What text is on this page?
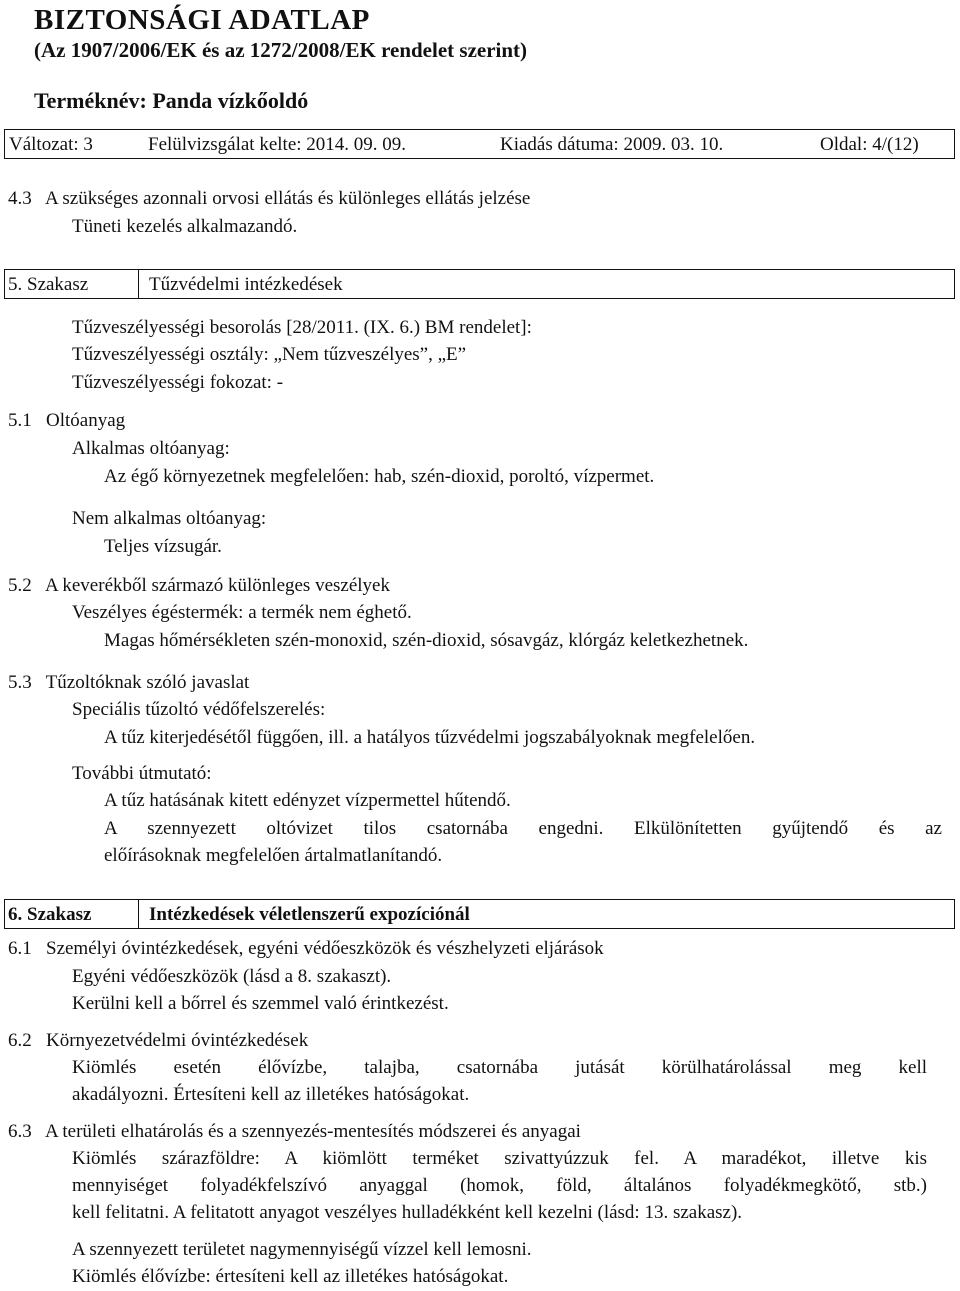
BIZTONSÁGI ADATLAP
(Az 1907/2006/EK és az 1272/2008/EK rendelet szerint)
Terméknév: Panda vízkőoldó
Változat: 3	Felülvizsgálat kelte: 2014. 09. 09.	Kiadás dátuma: 2009. 03. 10.	Oldal: 4/(12)
4.3   A szükséges azonnali orvosi ellátás és különleges ellátás jelzése
Tüneti kezelés alkalmazandó.
5. Szakasz	Tűzvédelmi intézkedések
Tűzveszélyességi besorolás [28/2011. (IX. 6.) BM rendelet]:
Tűzveszélyességi osztály: „Nem tűzveszélyes”, „E”
Tűzveszélyességi fokozat: -
5.1   Oltóanyag
Alkalmas oltóanyag:
Az égő környezetnek megfelelően: hab, szén-dioxid, poroltó, vízpermet.
Nem alkalmas oltóanyag:
Teljes vízsugár.
5.2   A keverékből származó különleges veszélyek
Veszélyes égéstermék: a termék nem éghető.
Magas hőmérsékleten szén-monoxid, szén-dioxid, sósavgáz, klórgáz keletkezhetnek.
5.3   Tűzoltóknak szóló javaslat
Speciális tűzoltó védőfelszerelés:
A tűz kiterjedésétől függően, ill. a hatályos tűzvédelmi jogszabályoknak megfelelően.
További útmutató:
A tűz hatásának kitett edényzet vízpermettel hűtendő.
A szennyezett oltóvizet tilos csatornába engedni. Elkülönítetten gyűjtendő és az
előírásoknak megfelelően ártalmatlanítandó.
6. Szakasz	Intézkedések véletlenszerű expozíciónál
6.1   Személyi óvintézkedések, egyéni védőeszközök és vészhelyzeti eljárások
Egyéni védőeszközök (lásd a 8. szakaszt).
Kerülni kell a bőrrel és szemmel való érintkezést.
6.2   Környezetvédelmi óvintézkedések
Kiömlés esetén élővízbe, talajba, csatornába jutását körülhatárolással meg kell
akadályozni. Értesíteni kell az illetékes hatóságokat.
6.3   A területi elhatárolás és a szennyezés-mentesítés módszerei és anyagai
Kiömlés szárazföldre: A kiömlött terméket szivattyúzzuk fel. A maradékot, illetve kis
mennyiséget folyadékfelszívó anyaggal (homok, föld, általános folyadékmegkötő, stb.)
kell felitatni. A felitatott anyagot veszélyes hulladékként kell kezelni (lásd: 13. szakasz).
A szennyezett területet nagymennyiségű vízzel kell lemosni.
Kiömlés élővízbe: értesíteni kell az illetékes hatóságokat.
